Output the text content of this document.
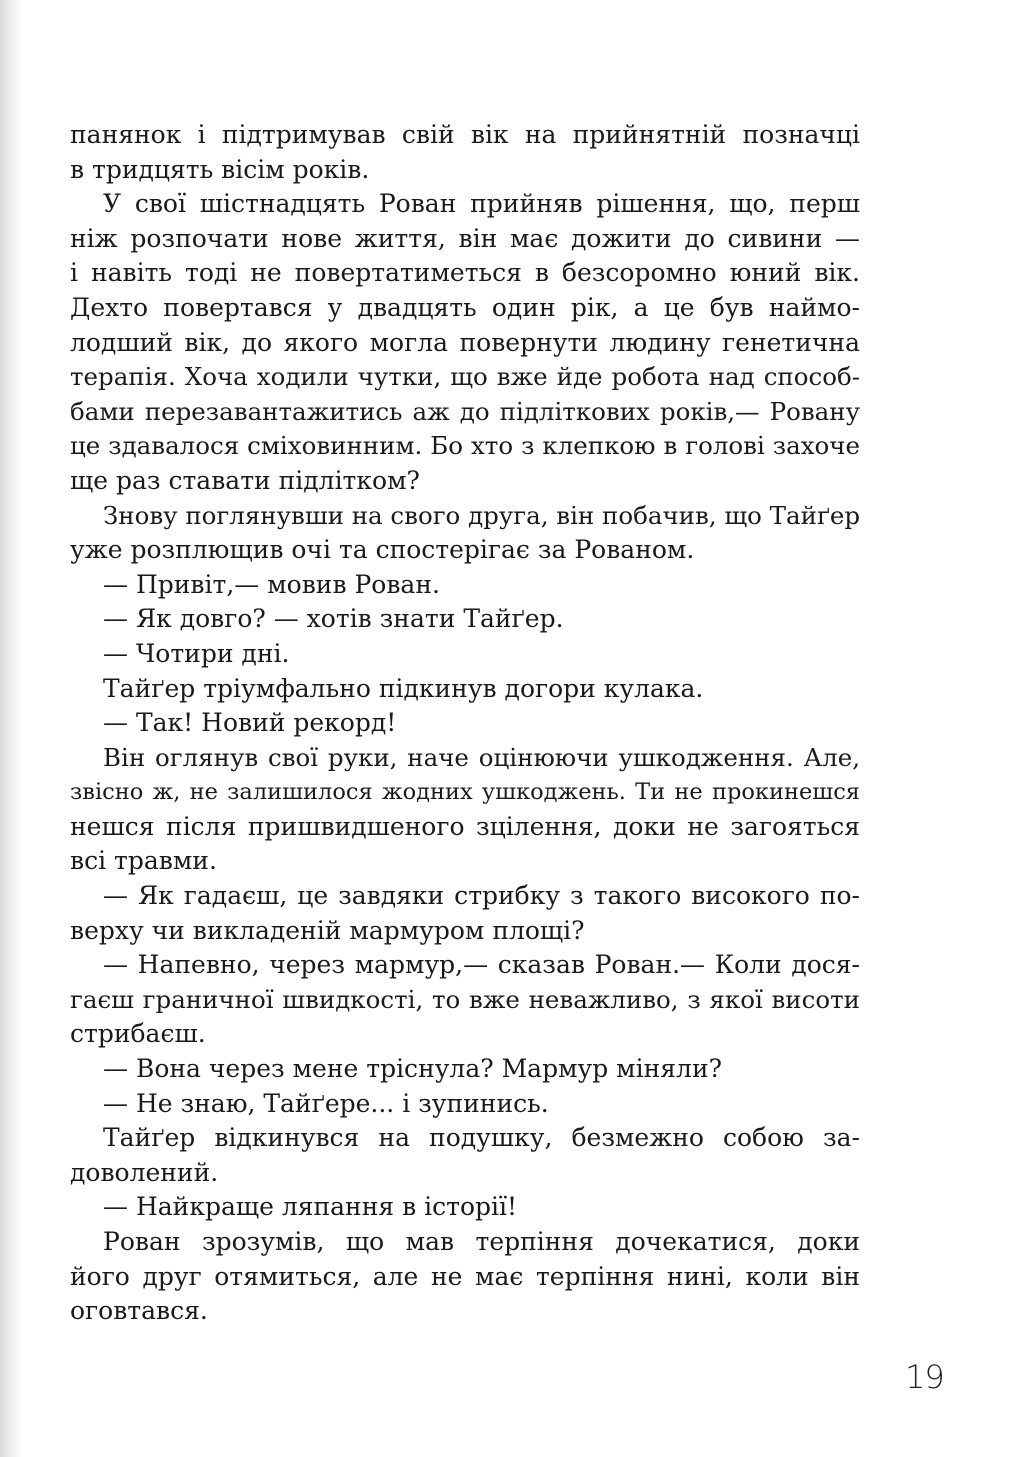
панянок і підтримував свій вік на прийнятній позначці
в тридцять вісім років.
У свої шістнадцять Рован прийняв рішення, що, перш
ніж розпочати нове життя, він має дожити до сивини —
і навіть тоді не повертатиметься в безсоромно юний вік.
Дехто повертався у двадцять один рік, а це був наймо-
лодший вік, до якого могла повернути людину генетична
терапія. Хоча ходили чутки, що вже йде робота над способ-
бами перезавантажитись аж до підліткових років,— Ровану
це здавалося сміховинним. Бо хто з клепкою в голові захоче
ще раз ставати підлітком?
Знову поглянувши на свого друга, він побачив, що Тайґер
уже розплющив очі та спостерігає за Рованом.
— Привіт,— мовив Рован.
— Як довго? — хотів знати Тайґер.
— Чотири дні.
Тайґер тріумфально підкинув догори кулака.
— Так! Новий рекорд!
Він оглянув свої руки, наче оцінюючи ушкодження. Але,
звісно ж, не залишилося жодних ушкоджень. Ти не прокинешся
нешся після пришвидшеного зцілення, доки не загояться
всі травми.
— Як гадаєш, це завдяки стрибку з такого високого по-
верху чи викладеній мармуром площі?
— Напевно, через мармур,— сказав Рован.— Коли дося-
гаєш граничної швидкості, то вже неважливо, з якої висоти
стрибаєш.
— Вона через мене тріснула? Мармур міняли?
— Не знаю, Тайґере... і зупинись.
Тайґер відкинувся на подушку, безмежно собою за-
доволений.
— Найкраще ляпання в історії!
Рован зрозумів, що мав терпіння дочекатися, доки
його друг отямиться, але не має терпіння нині, коли він
оговтався.
19
